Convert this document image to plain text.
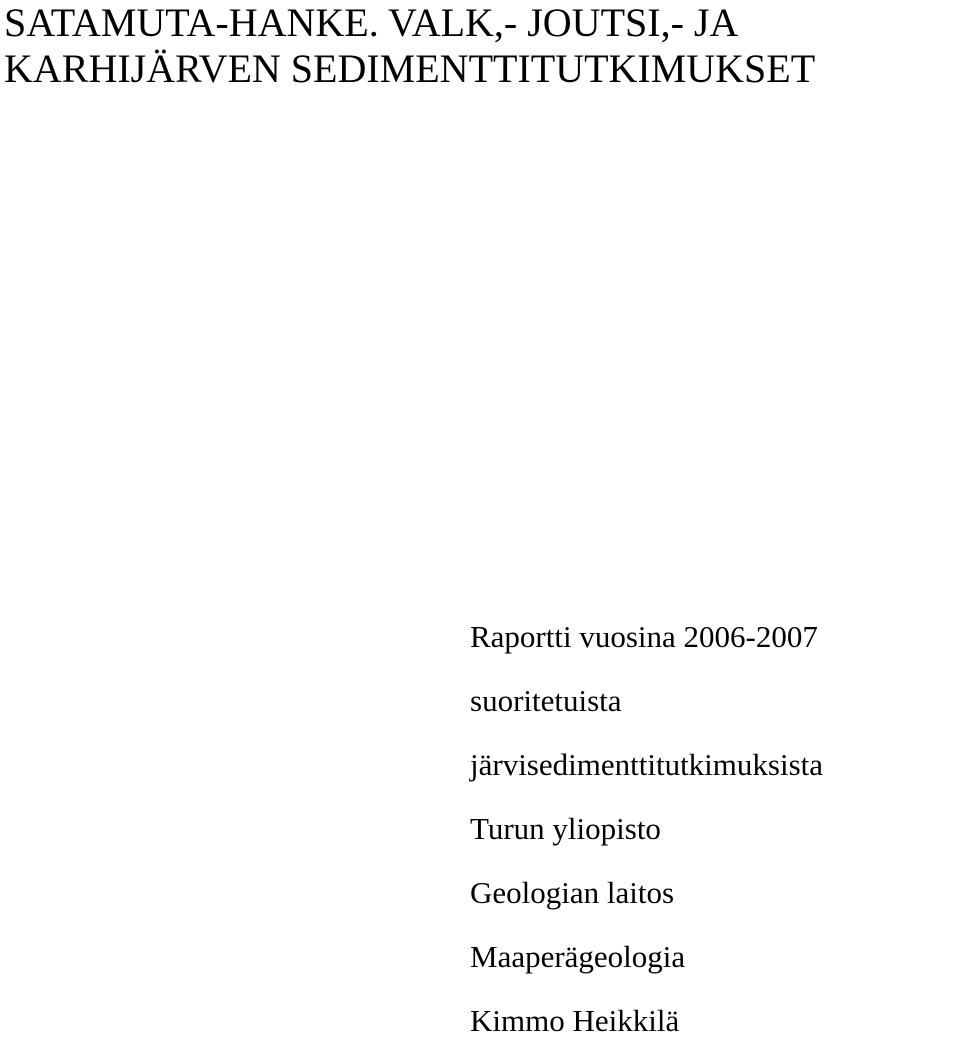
SATAMUTA-HANKE. VALK,- JOUTSI,- JA
KARHIJÄRVEN SEDIMENTTITUTKIMUKSET
Raportti vuosina 2006-2007
suoritetuista
järvisedimenttitutkimuksista
Turun yliopisto
Geologian laitos
Maaperägeologia
Kimmo Heikkilä
